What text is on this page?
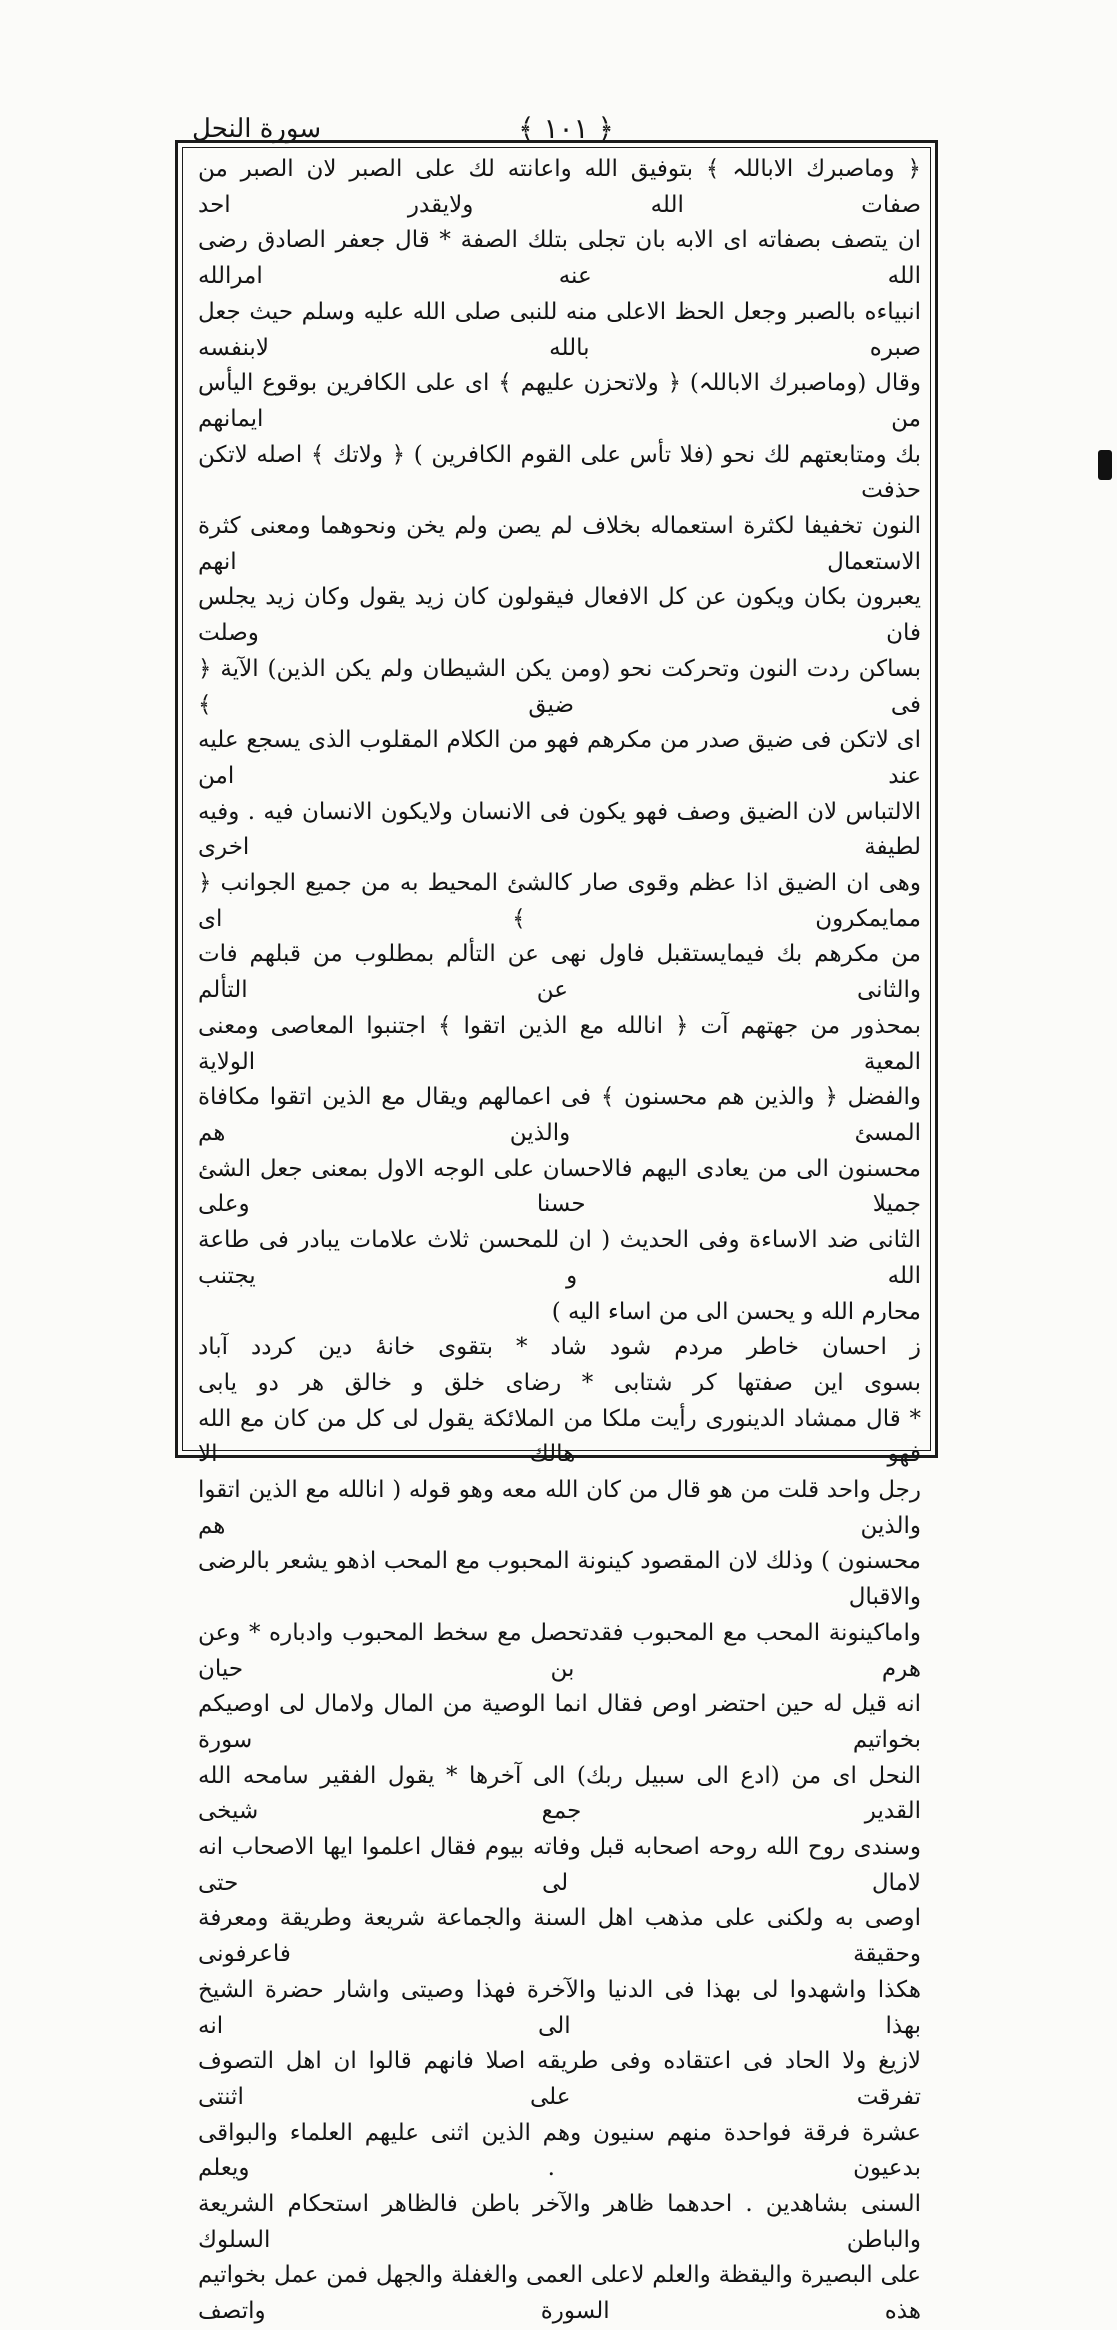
سورة النحل	﴾ ١٠١ ﴿

﴿ وماصبرك الاباللہ ﴾ بتوفيق الله واعانته لك على الصبر لان الصبر من صفات الله ولايقدر احد

ان يتصف بصفاته اى الابه بان تجلى بتلك الصفة * قال جعفر الصادق رضى الله عنه امرالله

انبياءه بالصبر وجعل الحظ الاعلى منه للنبى صلى الله عليه وسلم حيث جعل صبره بالله لابنفسه

وقال (وماصبرك الاباللہ) ﴿ ولاتحزن عليهم ﴾ اى على الكافرين بوقوع اليأس من ايمانهم

بك ومتابعتهم لك نحو (فلا تأس على القوم الكافرين ) ﴿ ولاتك ﴾ اصله لاتكن حذفت

النون تخفيفا لكثرة استعماله بخلاف لم يصن ولم يخن ونحوهما ومعنى كثرة الاستعمال انهم

يعبرون بكان ويكون عن كل الافعال فيقولون كان زيد يقول وكان زيد يجلس فان وصلت

بساكن ردت النون وتحركت نحو (ومن يكن الشيطان ولم يكن الذين) الآية ﴿ فى ضيق ﴾

اى لاتكن فى ضيق صدر من مكرهم فهو من الكلام المقلوب الذى يسجع عليه عند امن

الالتباس لان الضيق وصف فهو يكون فى الانسان ولايكون الانسان فيه . وفيه لطيفة اخرى

وهى ان الضيق اذا عظم وقوى صار كالشئ المحيط به من جميع الجوانب ﴿ ممايمكرون ﴾ اى

من مكرهم بك فيمايستقبل فاول نهى عن التألم بمطلوب من قبلهم فات والثانى عن التألم

بمحذور من جهتهم آت ﴿ انالله مع الذين اتقوا ﴾ اجتنبوا المعاصى ومعنى المعية الولاية

والفضل ﴿ والذين هم محسنون ﴾ فى اعمالهم ويقال مع الذين اتقوا مكافاة المسئ والذين هم

محسنون الى من يعادى اليهم فالاحسان على الوجه الاول بمعنى جعل الشئ جميلا حسنا وعلى

الثانى ضد الاساءة وفى الحديث ( ان للمحسن ثلاث علامات يبادر فى طاعة الله و يجتنب

محارم الله و يحسن الى من اساء اليه )

ز احسان خاطر مردم شود شاد * بتقوى خانۀ دين كردد آباد

بسوى اين صفتها كر شتابى * رضاى خلق و خالق هر دو يابى

* قال ممشاد الدينورى رأيت ملكا من الملائكة يقول لى كل من كان مع الله فهو هالك الا

رجل واحد قلت من هو قال من كان الله معه وهو قوله ( انالله مع الذين اتقوا والذين هم

محسنون ) وذلك لان المقصود كينونة المحبوب مع المحب اذهو يشعر بالرضى والاقبال

واماكينونة المحب مع المحبوب فقدتحصل مع سخط المحبوب وادباره * وعن هرم بن حيان

انه قيل له حين احتضر اوص فقال انما الوصية من المال ولامال لى اوصيكم بخواتيم سورة

النحل اى من (ادع الى سبيل ربك) الى آخرها * يقول الفقير سامحه الله القدير جمع شيخى

وسندى روح الله روحه اصحابه قبل وفاته بيوم فقال اعلموا ايها الاصحاب انه لامال لى حتى

اوصى به ولكنى على مذهب اهل السنة والجماعة شريعة وطريقة ومعرفة وحقيقة فاعرفونى

هكذا واشهدوا لى بهذا فى الدنيا والآخرة فهذا وصيتى واشار حضرة الشيخ بهذا الى انه

لازيغ ولا الحاد فى اعتقاده وفى طريقه اصلا فانهم قالوا ان اهل التصوف تفرقت على اثنتى

عشرة فرقة فواحدة منهم سنيون وهم الذين اثنى عليهم العلماء والبواقى بدعيون . ويعلم

السنى بشاهدين . احدهما ظاهر والآخر باطن فالظاهر استحكام الشريعة والباطن السلوك

على البصيرة واليقظة والعلم لاعلى العمى والغفلة والجهل فمن عمل بخواتيم هذه السورة واتصف
